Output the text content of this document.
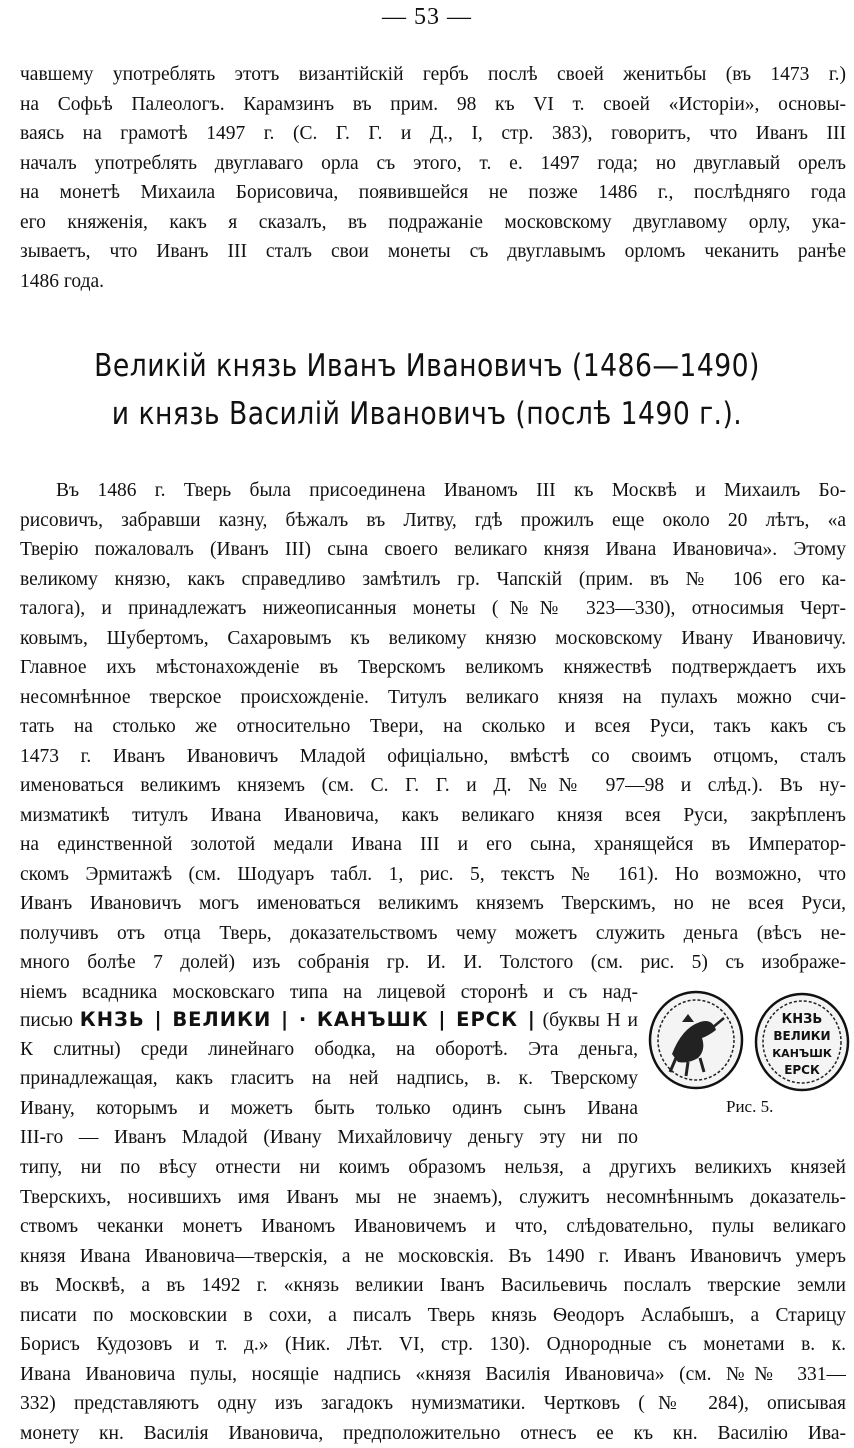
— 53 —
чавшему употреблять этотъ византійскій гербъ послѣ своей женитьбы (въ 1473 г.)
на Софьѣ Палеологъ. Карамзинъ въ прим. 98 къ VI т. своей «Исторіи», основы-
ваясь на грамотѣ 1497 г. (С. Г. Г. и Д., I, стр. 383), говоритъ, что Иванъ III
началъ употреблять двуглаваго орла съ этого, т. е. 1497 года; но двуглавый орелъ
на монетѣ Михаила Борисовича, появившейся не позже 1486 г., послѣдняго года
его княженія, какъ я сказалъ, въ подражаніе московскому двуглавому орлу, ука-
зываетъ, что Иванъ III сталъ свои монеты съ двуглавымъ орломъ чеканить ранѣе
1486 года.
Великій князь Иванъ Ивановичъ (1486—1490)
и князь Василій Ивановичъ (послѣ 1490 г.).
Въ 1486 г. Тверь была присоединена Иваномъ III къ Москвѣ и Михаилъ Бо-
рисовичъ, забравши казну, бѣжалъ въ Литву, гдѣ прожилъ еще около 20 лѣтъ, «а
Тверію пожаловалъ (Иванъ III) сына своего великаго князя Ивана Ивановича». Этому
великому князю, какъ справедливо замѣтилъ гр. Чапскій (прим. въ № 106 его ка-
талога), и принадлежатъ нижеописанныя монеты (№№ 323—330), относимыя Черт-
ковымъ, Шубертомъ, Сахаровымъ къ великому князю московскому Ивану Ивановичу.
Главное ихъ мѣстонахожденіе въ Тверскомъ великомъ княжествѣ подтверждаетъ ихъ
несомнѣнное тверское происхожденіе. Титулъ великаго князя на пулахъ можно счи-
тать на столько же относительно Твери, на сколько и всея Руси, такъ какъ съ
1473 г. Иванъ Ивановичъ Младой офиціально, вмѣстѣ со своимъ отцомъ, сталъ
именоваться великимъ княземъ (см. С. Г. Г. и Д. №№ 97—98 и слѣд.). Въ ну-
мизматикѣ титулъ Ивана Ивановича, какъ великаго князя всея Руси, закрѣпленъ
на единственной золотой медали Ивана III и его сына, хранящейся въ Император-
скомъ Эрмитажѣ (см. Шодуаръ табл. 1, рис. 5, текстъ № 161). Но возможно, что
Иванъ Ивановичъ могъ именоваться великимъ княземъ Тверскимъ, но не всея Руси,
получивъ отъ отца Тверь, доказательствомъ чему можетъ служить деньга (вѣсъ не-
много болѣе 7 долей) изъ собранія гр. И. И. Толстого (см. рис. 5) съ изображе-
ніемъ всадника московскаго типа на лицевой сторонѣ и съ над-
писью КНЗЬ | ВЕЛИКИ | · КАНЪШК | ЕРСК | (буквы Н и
К слитны) среди линейнаго ободка, на оборотѣ. Эта деньга,
принадлежащая, какъ гласитъ на ней надпись, в. к. Тверскому
Ивану, которымъ и можетъ быть только одинъ сынъ Ивана
III-го — Иванъ Младой (Ивану Михайловичу деньгу эту ни по
КНЗЬ
ВЕЛИКИ
КАНЪШК
ЕРСК
Рис. 5.
типу, ни по вѣсу отнести ни коимъ образомъ нельзя, а другихъ великихъ князей
Тверскихъ, носившихъ имя Иванъ мы не знаемъ), служитъ несомнѣннымъ доказатель-
ствомъ чеканки монетъ Иваномъ Ивановичемъ и что, слѣдовательно, пулы великаго
князя Ивана Ивановича—тверскія, а не московскія. Въ 1490 г. Иванъ Ивановичъ умеръ
въ Москвѣ, а въ 1492 г. «князь великии Іванъ Васильевичь послалъ тверские земли
писати по московскии в сохи, а писалъ Тверь князь Ѳеодоръ Аслабышъ, а Старицу
Борисъ Кудозовъ и т. д.» (Ник. Лѣт. VI, стр. 130). Однородные съ монетами в. к.
Ивана Ивановича пулы, носящіе надпись «князя Василія Ивановича» (см. №№ 331—
332) представляютъ одну изъ загадокъ нумизматики. Чертковъ (№ 284), описывая
монету кн. Василія Ивановича, предположительно отнесъ ее къ кн. Василію Ива-
